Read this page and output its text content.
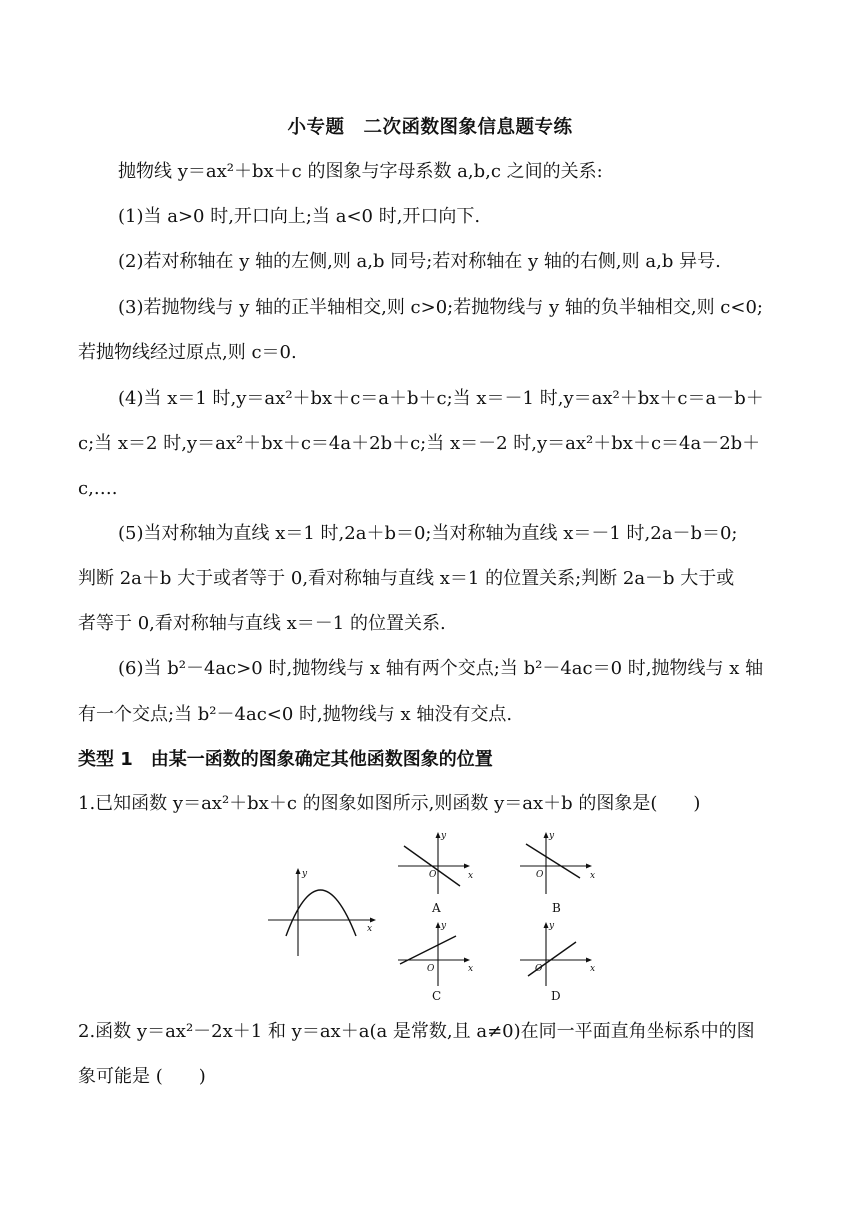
小专题　二次函数图象信息题专练
抛物线 y＝ax²＋bx＋c 的图象与字母系数 a,b,c 之间的关系:
(1)当 a>0 时,开口向上;当 a<0 时,开口向下.
(2)若对称轴在 y 轴的左侧,则 a,b 同号;若对称轴在 y 轴的右侧,则 a,b 异号.
(3)若抛物线与 y 轴的正半轴相交,则 c>0;若抛物线与 y 轴的负半轴相交,则 c<0;
若抛物线经过原点,则 c＝0.
(4)当 x＝1 时,y＝ax²＋bx＋c＝a＋b＋c;当 x＝－1 时,y＝ax²＋bx＋c＝a－b＋
c;当 x＝2 时,y＝ax²＋bx＋c＝4a＋2b＋c;当 x＝－2 时,y＝ax²＋bx＋c＝4a－2b＋
c,….
(5)当对称轴为直线 x＝1 时,2a＋b＝0;当对称轴为直线 x＝－1 时,2a－b＝0;
判断 2a＋b 大于或者等于 0,看对称轴与直线 x＝1 的位置关系;判断 2a－b 大于或
者等于 0,看对称轴与直线 x＝－1 的位置关系.
(6)当 b²－4ac>0 时,抛物线与 x 轴有两个交点;当 b²－4ac＝0 时,抛物线与 x 轴
有一个交点;当 b²－4ac<0 时,抛物线与 x 轴没有交点.
类型 1　由某一函数的图象确定其他函数图象的位置
1.已知函数 y＝ax²＋bx＋c 的图象如图所示,则函数 y＝ax＋b 的图象是(　　)
y
x
y
x
O
A
y
x
O
B
y
x
O
C
y
x
O
D
2.函数 y＝ax²－2x＋1 和 y＝ax＋a(a 是常数,且 a≠0)在同一平面直角坐标系中的图
象可能是 (　　)
